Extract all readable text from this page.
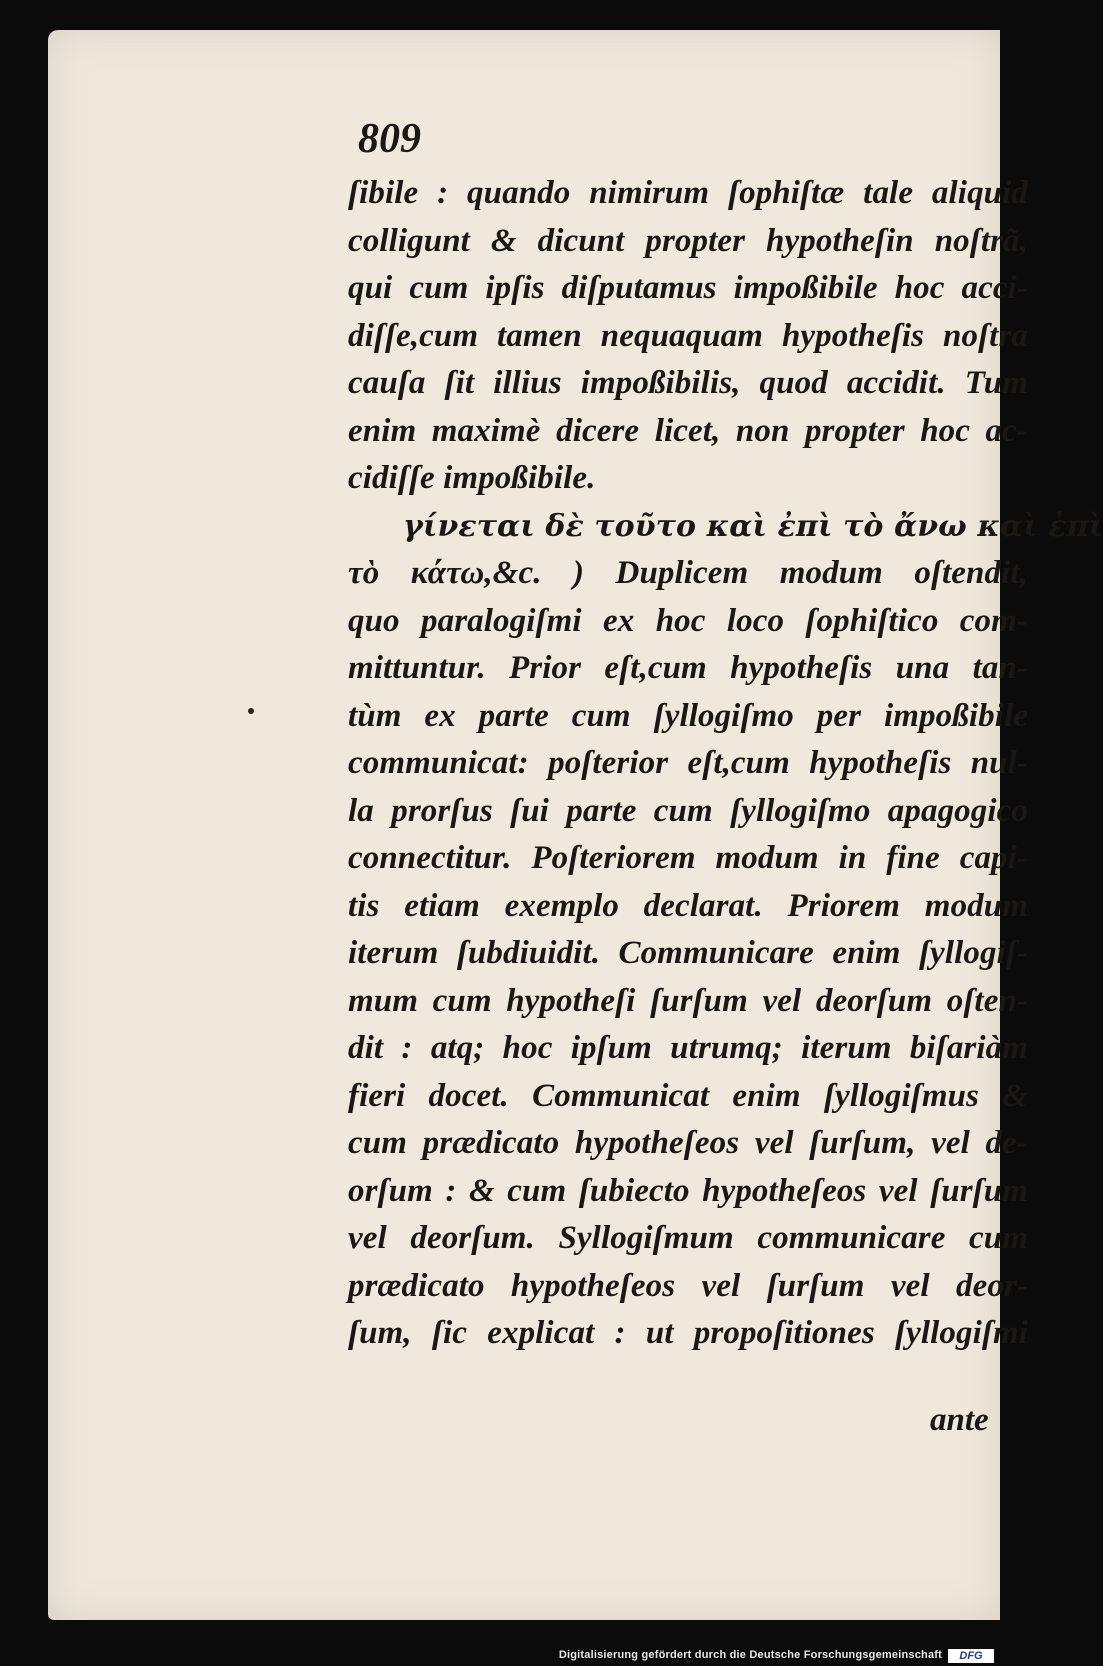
809
ſibile : quando nimirum ſophiſtæ tale aliquid
colligunt & dicunt propter hypotheſin noſtrã,
qui cum ipſis diſputamus impoßibile hoc acci-
diſſe,cum tamen nequaquam hypotheſis noſtra
cauſa ſit illius impoßibilis, quod accidit. Tum
enim maximè dicere licet, non propter hoc ac-
cidiſſe impoßibile.
γίνεται δὲ τοῦτο καὶ ἐπὶ τὸ ἄνω καὶ ἐπὶ
τὸ κάτω,&c. ) Duplicem modum oſtendit,
quo paralogiſmi ex hoc loco ſophiſtico com-
mittuntur. Prior eſt,cum hypotheſis una tan-
tùm ex parte cum ſyllogiſmo per impoßibile
communicat: poſterior eſt,cum hypotheſis nul-
la prorſus ſui parte cum ſyllogiſmo apagogico
connectitur. Poſteriorem modum in fine capi-
tis etiam exemplo declarat. Priorem modum
iterum ſubdiuidit. Communicare enim ſyllogiſ-
mum cum hypotheſi ſurſum vel deorſum oſten-
dit : atq; hoc ipſum utrumq; iterum biſariàm
fieri docet. Communicat enim ſyllogiſmus &
cum prædicato hypotheſeos vel ſurſum, vel de-
orſum : & cum ſubiecto hypotheſeos vel ſurſum
vel deorſum. Syllogiſmum communicare cum
prædicato hypotheſeos vel ſurſum vel deor-
ſum, ſic explicat : ut propoſitiones ſyllogiſmi
ante
Digitalisierung gefördert durch die Deutsche Forschungsgemeinschaft	DFG
